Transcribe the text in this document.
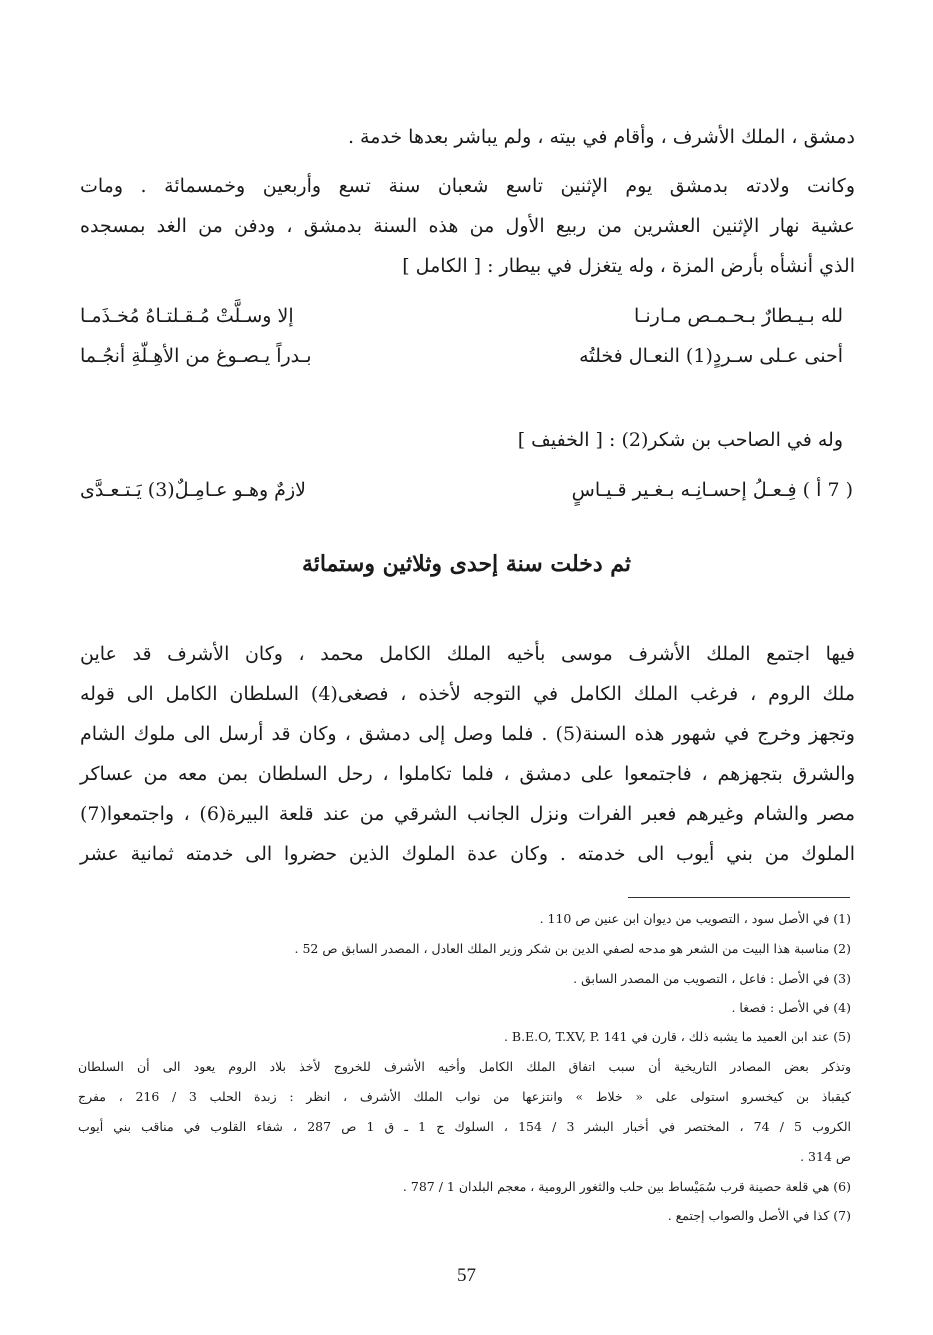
دمشق ، الملك الأشرف ، وأقام في بيته ، ولم يباشر بعدها خدمة .
وكانت ولادته بدمشق يوم الإثنين تاسع شعبان سنة تسع وأربعين وخمسمائة . ومات
عشية نهار الإثنين العشرين من ربيع الأول من هذه السنة بدمشق ، ودفن من الغد بمسجده
الذي أنشأه بأرض المزة ، وله يتغزل في بيطار : [ الكامل ]
لله بـيـطارٌ بـحـمـص مـارنـا
إلا وسـلَّتْ مُـقـلتـاهُ مُخـذَمـا
أحنى عـلى سـردٍ(1) النعـال فخلتُه
بـدراً يـصـوغ من الأهِـلّةِ أنجُـما
وله في الصاحب بن شكر(2) : [ الخفيف ]
( 7 أ ) فِـعـلُ إحسـانِـه بـغـير قـيـاسٍ
لازمٌ وهـو عـامِـلٌ(3) يَـتـعـدَّى
ثم دخلت سنة إحدى وثلاثين وستمائة
فيها اجتمع الملك الأشرف موسى بأخيه الملك الكامل محمد ، وكان الأشرف قد عاين
ملك الروم ، فرغب الملك الكامل في التوجه لأخذه ، فصغى(4) السلطان الكامل الى قوله
وتجهز وخرج في شهور هذه السنة(5) . فلما وصل إلى دمشق ، وكان قد أرسل الى ملوك الشام
والشرق بتجهزهم ، فاجتمعوا على دمشق ، فلما تكاملوا ، رحل السلطان بمن معه من عساكر
مصر والشام وغيرهم فعبر الفرات ونزل الجانب الشرقي من عند قلعة البيرة(6) ، واجتمعوا(7)
الملوك من بني أيوب الى خدمته . وكان عدة الملوك الذين حضروا الى خدمته ثمانية عشر
(1) في الأصل سود ، التصويب من ديوان ابن عنين ص 110 .
(2) مناسبة هذا البيت من الشعر هو مدحه لصفي الدين بن شكر وزير الملك العادل ، المصدر السابق ص 52 .
(3) في الأصل : فاعل ، التصويب من المصدر السابق .
(4) في الأصل : فصغا .
(5) عند ابن العميد ما يشبه ذلك ، قارن في B.E.O, T.XV, P. 141 .
وتذكر بعض المصادر التاريخية أن سبب اتفاق الملك الكامل وأخيه الأشرف للخروج لأخذ بلاد الروم يعود الى أن السلطان
كيقباذ بن كيخسرو استولى على « خلاط » وانتزعها من نواب الملك الأشرف ، انظر : زبدة الحلب 3 / 216 ، مفرج
الكروب 5 / 74 ، المختصر في أخبار البشر 3 / 154 ، السلوك ج 1 ـ ق 1 ص 287 ، شفاء القلوب في مناقب بني أيوب
ص 314 .
(6) هي قلعة حصينة قرب سُمَيْساط بين حلب والثغور الرومية ، معجم البلدان 1 / 787 .
(7) كذا في الأصل والصواب إجتمع .
57
